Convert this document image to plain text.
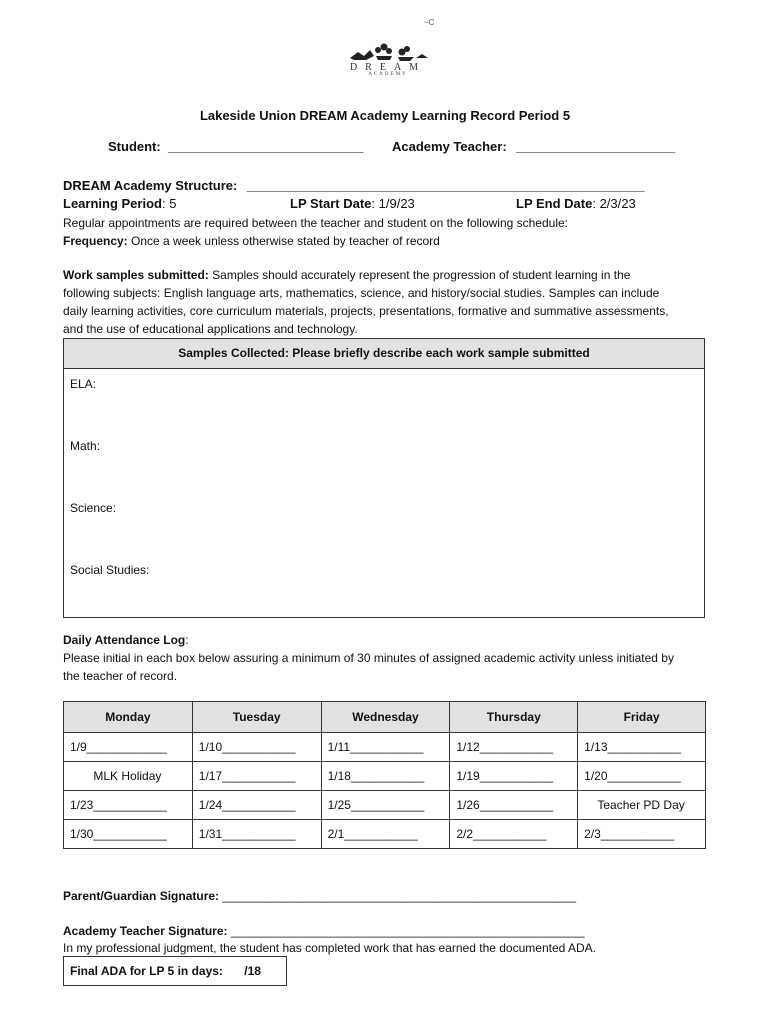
~C
DREAM
ACADEMY
Lakeside Union DREAM Academy Learning Record Period 5
Student: ___________________________ Academy Teacher: ______________________
DREAM Academy Structure: _______________________________________________________
Learning Period: 5	LP Start Date: 1/9/23	LP End Date: 2/3/23
Regular appointments are required between the teacher and student on the following schedule:
Frequency: Once a week unless otherwise stated by teacher of record
Work samples submitted: Samples should accurately represent the progression of student learning in the
following subjects: English language arts, mathematics, science, and history/social studies. Samples can include
daily learning activities, core curriculum materials, projects, presentations, formative and summative assessments,
and the use of educational applications and technology.
Samples Collected: Please briefly describe each work sample submitted
ELA:
Math:
Science:
Social Studies:
Daily Attendance Log:
Please initial in each box below assuring a minimum of 30 minutes of assigned academic activity unless initiated by
the teacher of record.
Monday	Tuesday	Wednesday	Thursday	Friday
1/9____________	1/10___________	1/11___________	1/12___________	1/13___________
MLK Holiday	1/17___________	1/18___________	1/19___________	1/20___________
1/23___________	1/24___________	1/25___________	1/26___________	Teacher PD Day
1/30___________	1/31___________	2/1___________	2/2___________	2/3___________
Parent/Guardian Signature: _____________________________________________________
Academy Teacher Signature: _____________________________________________________
In my professional judgment, the student has completed work that has earned the documented ADA.
Final ADA for LP 5 in days: /18
